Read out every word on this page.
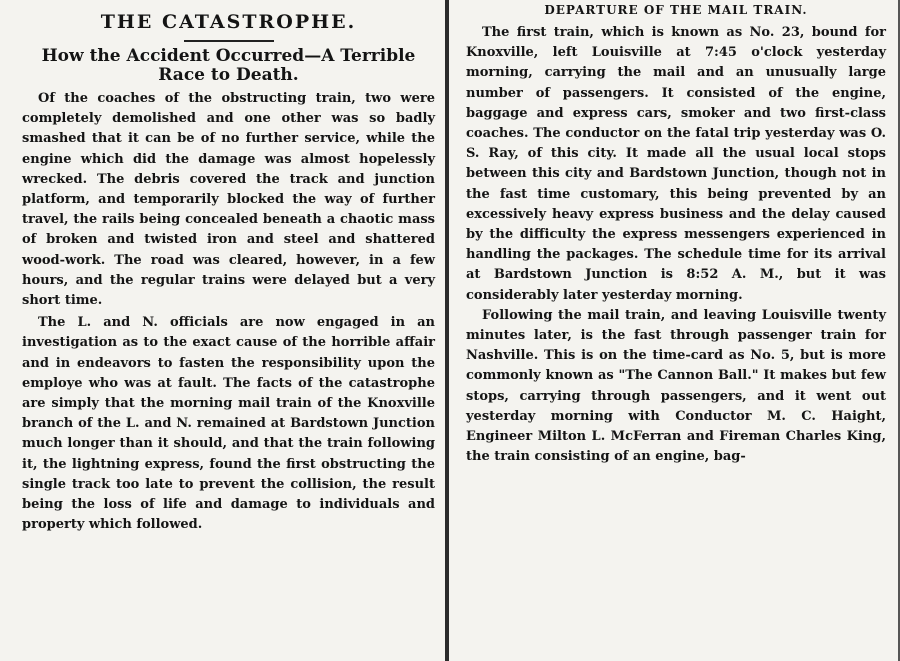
THE CATASTROPHE.
How the Accident Occurred—A Terrible Race to Death.

Of the coaches of the obstructing train, two were completely demolished and one other was so badly smashed that it can be of no further service, while the engine which did the damage was almost hopelessly wrecked. The debris covered the track and junction platform, and temporarily blocked the way of further travel, the rails being concealed beneath a chaotic mass of broken and twisted iron and steel and shattered wood-work. The road was cleared, however, in a few hours, and the regular trains were delayed but a very short time.

The L. and N. officials are now engaged in an investigation as to the exact cause of the horrible affair and in endeavors to fasten the responsibility upon the employe who was at fault. The facts of the catastrophe are simply that the morning mail train of the Knoxville branch of the L. and N. remained at Bardstown Junction much longer than it should, and that the train following it, the lightning express, found the first obstructing the single track too late to prevent the collision, the result being the loss of life and damage to individuals and property which followed.

DEPARTURE OF THE MAIL TRAIN.

The first train, which is known as No. 23, bound for Knoxville, left Louisville at 7:45 o'clock yesterday morning, carrying the mail and an unusually large number of passengers. It consisted of the engine, baggage and express cars, smoker and two first-class coaches. The conductor on the fatal trip yesterday was O. S. Ray, of this city. It made all the usual local stops between this city and Bardstown Junction, though not in the fast time customary, this being prevented by an excessively heavy express business and the delay caused by the difficulty the express messengers experienced in handling the packages. The schedule time for its arrival at Bardstown Junction is 8:52 A. M., but it was considerably later yesterday morning.

Following the mail train, and leaving Louisville twenty minutes later, is the fast through passenger train for Nashville. This is on the time-card as No. 5, but is more commonly known as "The Cannon Ball." It makes but few stops, carrying through passengers, and it went out yesterday morning with Conductor M. C. Haight, Engineer Milton L. McFerran and Fireman Charles King, the train consisting of an engine, bag-
